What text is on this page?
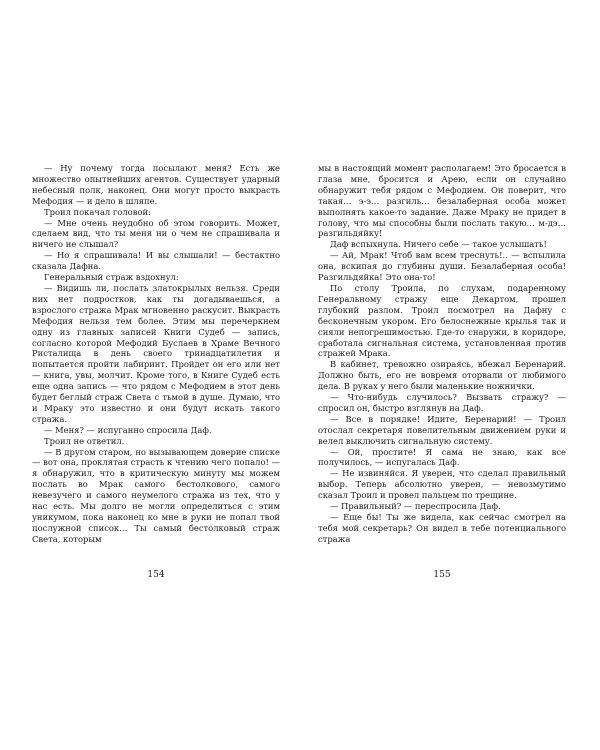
— Ну почему тогда посылают меня? Есть же множество опытнейших агентов. Существует ударный небесный полк, наконец. Они могут просто выкрасть Мефодия — и дело в шляпе.

Троил покачал головой:

— Мне очень неудобно об этом говорить. Может, сделаем вид, что ты меня ни о чем не спрашивала и ничего не слышал?

— Но я спрашивала! И вы слышали! — бестактно сказала Дафна.

Генеральный страж вздохнул:

— Видишь ли, послать златокрылых нельзя. Среди них нет подростков, как ты догадываешься, а взрослого стража Мрак мгновенно раскусит. Выкрасть Мефодия нельзя тем более. Этим мы перечеркнем одну из главных записей Книги Судеб — запись, согласно которой Мефодий Буслаев в Храме Вечного Ристалища в день своего тринадцатилетия и попытается пройти лабиринт. Пройдет он его или нет — книга, увы, молчит. Кроме того, в Книге Судеб есть еще одна запись — что рядом с Мефодием в этот день будет беглый страж Света с тьмой в душе. Думаю, что и Мраку это известно и они будут искать такого стража.

— Меня? — испуганно спросила Даф.

Троил не ответил.

— В другом старом, но вызывающем доверие списке — вот она, проклятая страсть к чтению чего попало! — я обнаружил, что в критическую минуту мы можем послать во Мрак самого бестолкового, самого невезучего и самого неумелого стража из тех, что у нас есть. Мы долго не могли определиться с этим уникумом, пока наконец ко мне в руки не попал твой послужной список… Ты самый бестолковый страж Света, которым

154

мы в настоящий момент располагаем! Это бросается в глаза мне, бросится и Арею, если он случайно обнаружит тебя рядом с Мефодием. Он поверит, что такая… э-э… разгиль… безалаберная особа может выполнять какое-то задание. Даже Мраку не придет в голову, что мы способны были послать такую… м-дэ… разгильдяйку!

Даф вспыхнула. Ничего себе — такое услышать!

— Ай, Мрак! Чтоб вам всем треснуть!.. — вспылила она, вскипая до глубины души. Безалаберная особа! Разгильдяйка! Это она-то!

По столу Троила, по слухам, подаренному Генеральному стражу еще Декартом, прошел глубокий разлом. Троил посмотрел на Дафну с бесконечным укором. Его белоснежные крылья так и сияли непогрешимостью. Где-то снаружи, в коридоре, сработала сигнальная система, установленная против стражей Мрака.

В кабинет, тревожно озираясь, вбежал Беренарий. Должно быть, его не вовремя оторвали от любимого дела. В руках у него были маленькие ножнички.

— Что-нибудь случилось? Вызвать стражу? — спросил он, быстро взглянув на Даф.

— Все в порядке! Идите, Беренарий! — Троил отослал секретаря повелительным движением руки и велел выключить сигнальную систему.

— Ой, простите! Я сама не знаю, как все получилось, — испугалась Даф.

— Не извиняйся. Я уверен, что сделал правильный выбор. Теперь абсолютно уверен, — невозмутимо сказал Троил и провел пальцем по трещине.

— Правильный? — переспросила Даф.

— Еще бы! Ты же видела, как сейчас смотрел на тебя мой секретарь? Он видел в тебе потенциального стража

155
